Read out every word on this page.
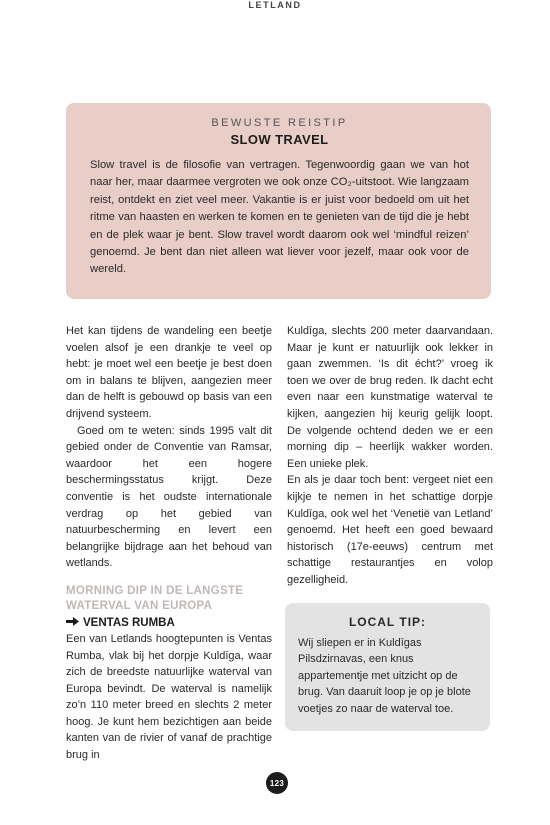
LETLAND
BEWUSTE REISTIP
SLOW TRAVEL

Slow travel is de filosofie van vertragen. Tegenwoordig gaan we van hot naar her, maar daarmee vergroten we ook onze CO₂-uitstoot. Wie langzaam reist, ontdekt en ziet veel meer. Vakantie is er juist voor bedoeld om uit het ritme van haasten en werken te komen en te genieten van de tijd die je hebt en de plek waar je bent. Slow travel wordt daarom ook wel ‘mindful reizen’ genoemd. Je bent dan niet alleen wat liever voor jezelf, maar ook voor de wereld.

Het kan tijdens de wandeling een beetje voelen alsof je een drankje te veel op hebt: je moet wel een beetje je best doen om in balans te blijven, aangezien meer dan de helft is gebouwd op basis van een drijvend systeem.

Goed om te weten: sinds 1995 valt dit gebied onder de Conventie van Ramsar, waardoor het een hogere beschermingsstatus krijgt. Deze conventie is het oudste internationale verdrag op het gebied van natuurbescherming en levert een belangrijke bijdrage aan het behoud van wetlands.

MORNING DIP IN DE LANGSTE WATERVAL VAN EUROPA
VENTAS RUMBA

Een van Letlands hoogtepunten is Ventas Rumba, vlak bij het dorpje Kuldīga, waar zich de breedste natuurlijke waterval van Europa bevindt. De waterval is namelijk zo’n 110 meter breed en slechts 2 meter hoog. Je kunt hem bezichtigen aan beide kanten van de rivier of vanaf de prachtige brug in

Kuldīga, slechts 200 meter daarvandaan. Maar je kunt er natuurlijk ook lekker in gaan zwemmen. ‘Is dit écht?’ vroeg ik toen we over de brug reden. Ik dacht echt even naar een kunstmatige waterval te kijken, aangezien hij keurig gelijk loopt. De volgende ochtend deden we er een morning dip – heerlijk wakker worden. Een unieke plek.

En als je daar toch bent: vergeet niet een kijkje te nemen in het schattige dorpje Kuldīga, ook wel het ‘Venetië van Letland’ genoemd. Het heeft een goed bewaard historisch (17e-eeuws) centrum met schattige restaurantjes en volop gezelligheid.

LOCAL TIP:

Wij sliepen er in Kuldīgas Pilsdzirnavas, een knus appartementje met uitzicht op de brug. Van daaruit loop je op je blote voetjes zo naar de waterval toe.

123
